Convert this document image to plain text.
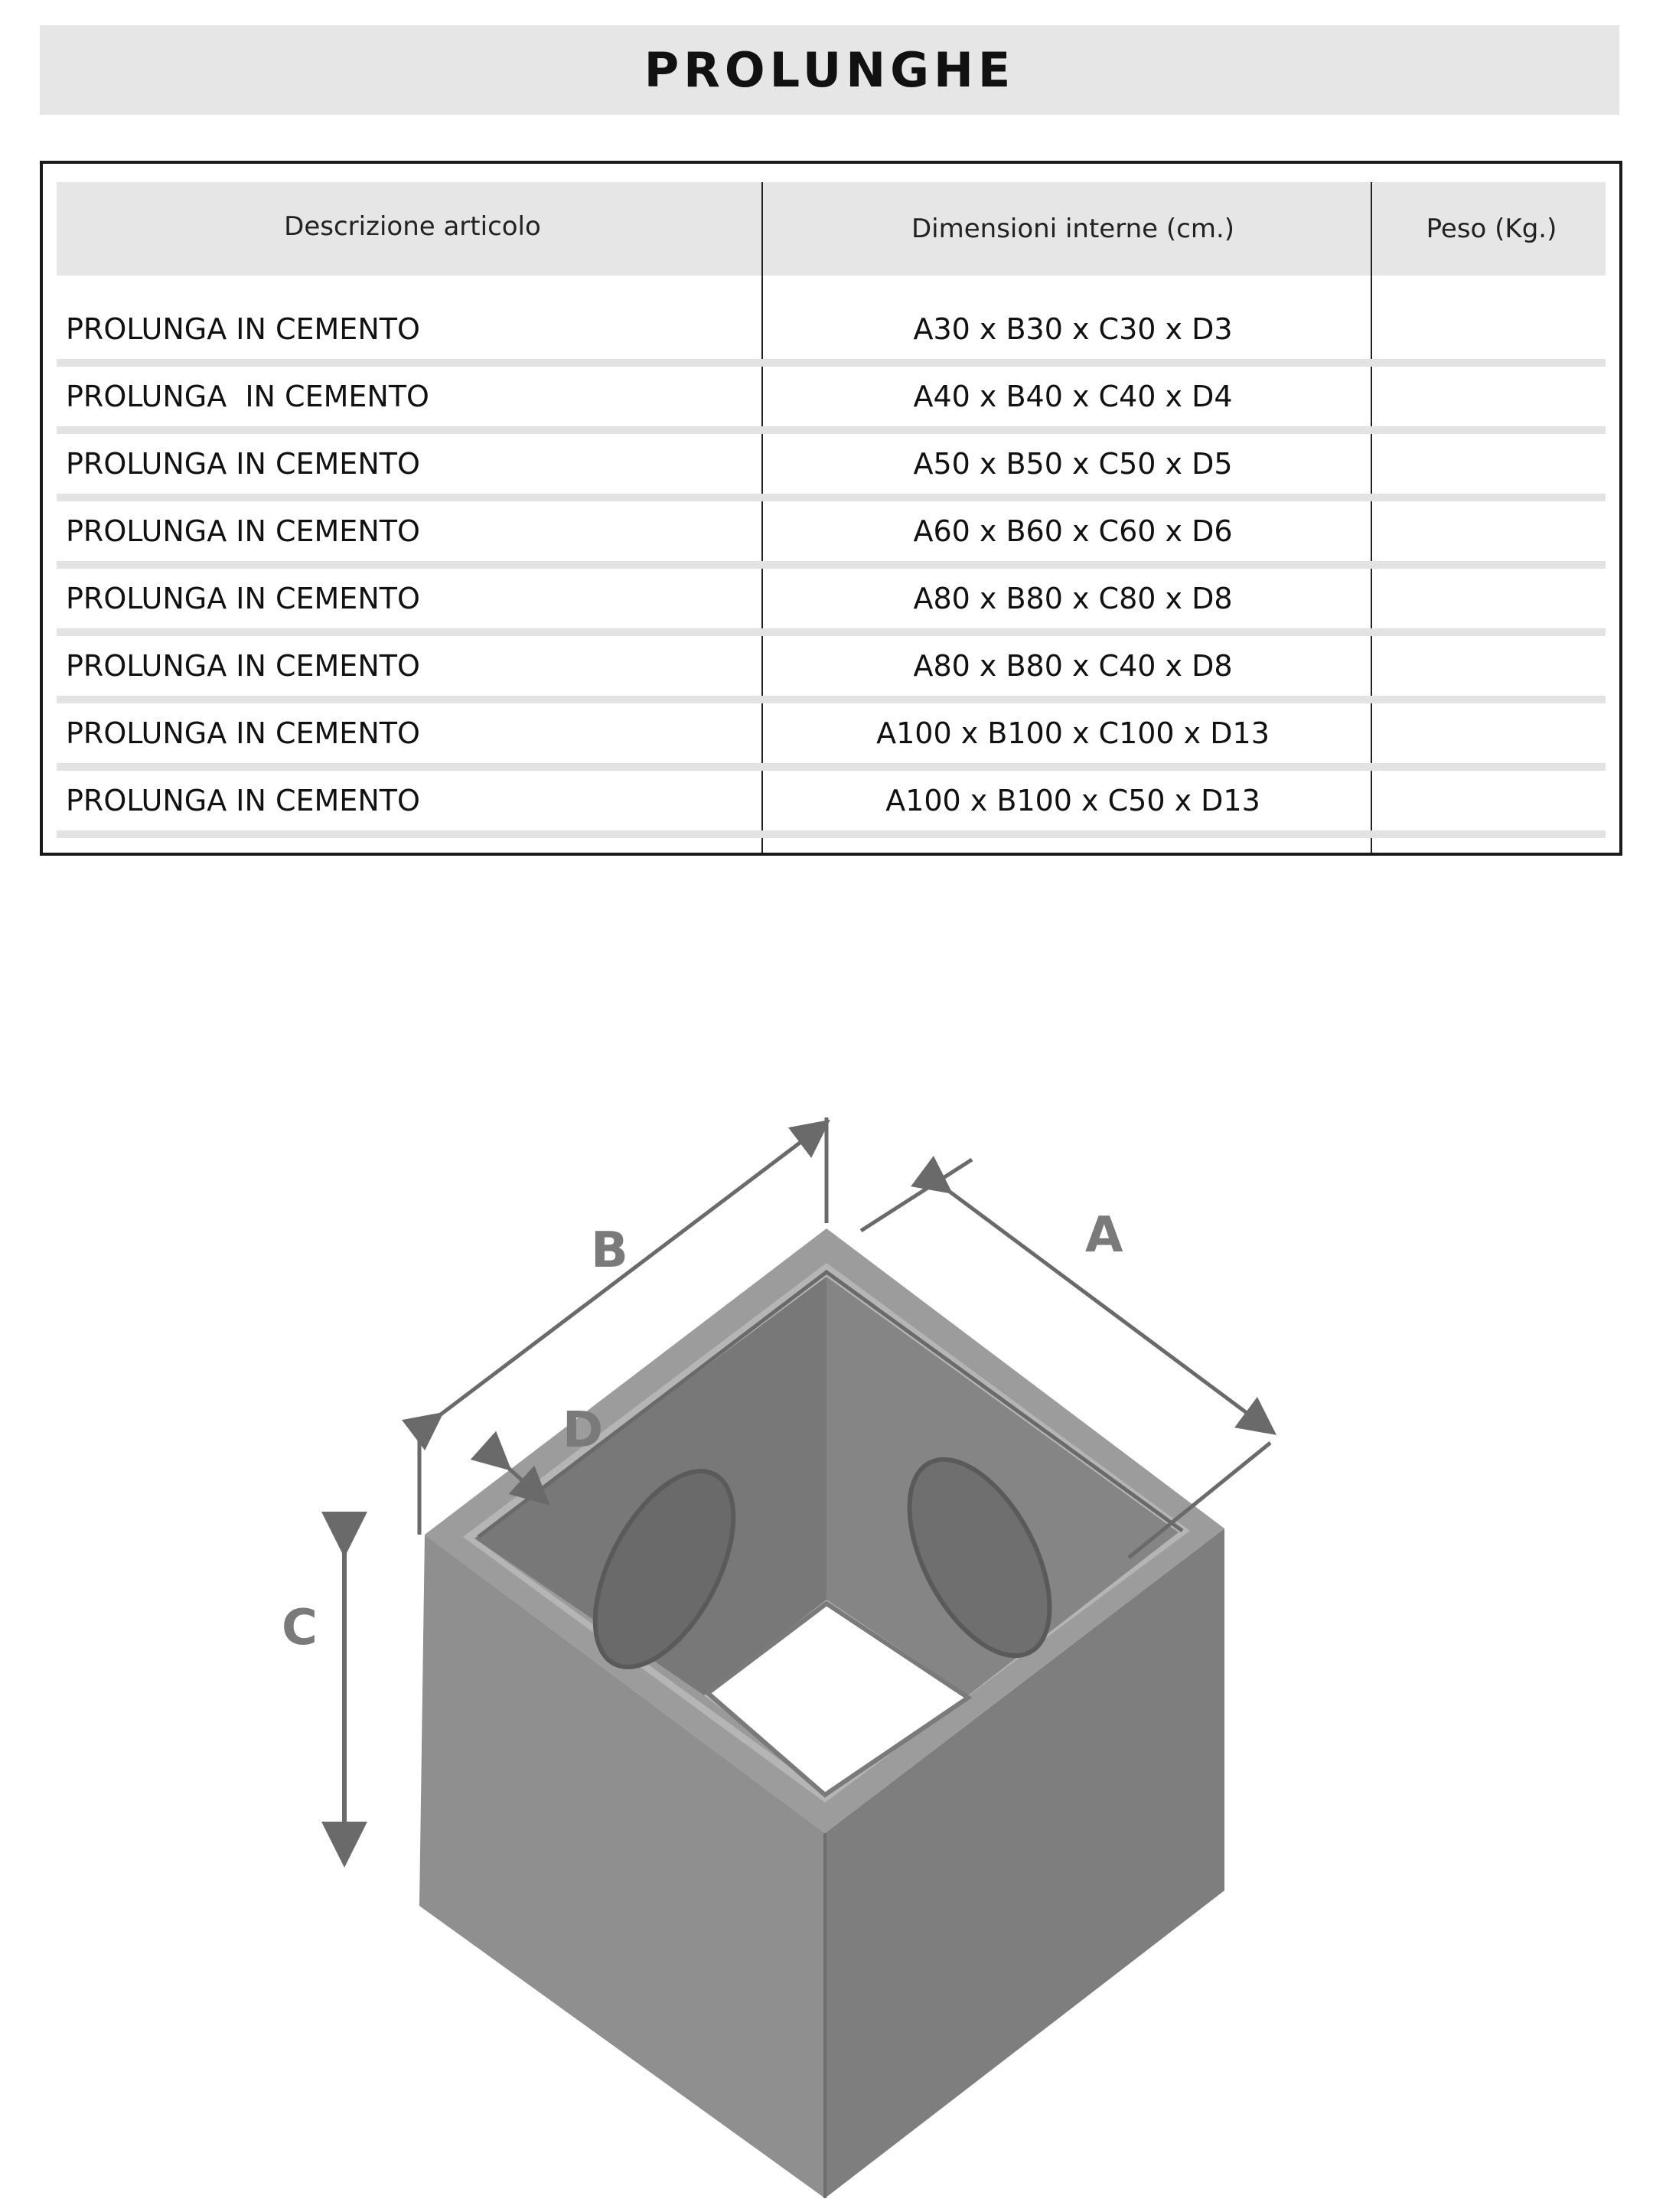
PROLUNGHE
Descrizione articolo	Dimensioni interne (cm.)	Peso (Kg.)
PROLUNGA IN CEMENTO	A30 x B30 x C30 x D3
PROLUNGA  IN CEMENTO	A40 x B40 x C40 x D4
PROLUNGA IN CEMENTO	A50 x B50 x C50 x D5
PROLUNGA IN CEMENTO	A60 x B60 x C60 x D6
PROLUNGA IN CEMENTO	A80 x B80 x C80 x D8
PROLUNGA IN CEMENTO	A80 x B80 x C40 x D8
PROLUNGA IN CEMENTO	A100 x B100 x C100 x D13
PROLUNGA IN CEMENTO	A100 x B100 x C50 x D13
B	A
C
D
